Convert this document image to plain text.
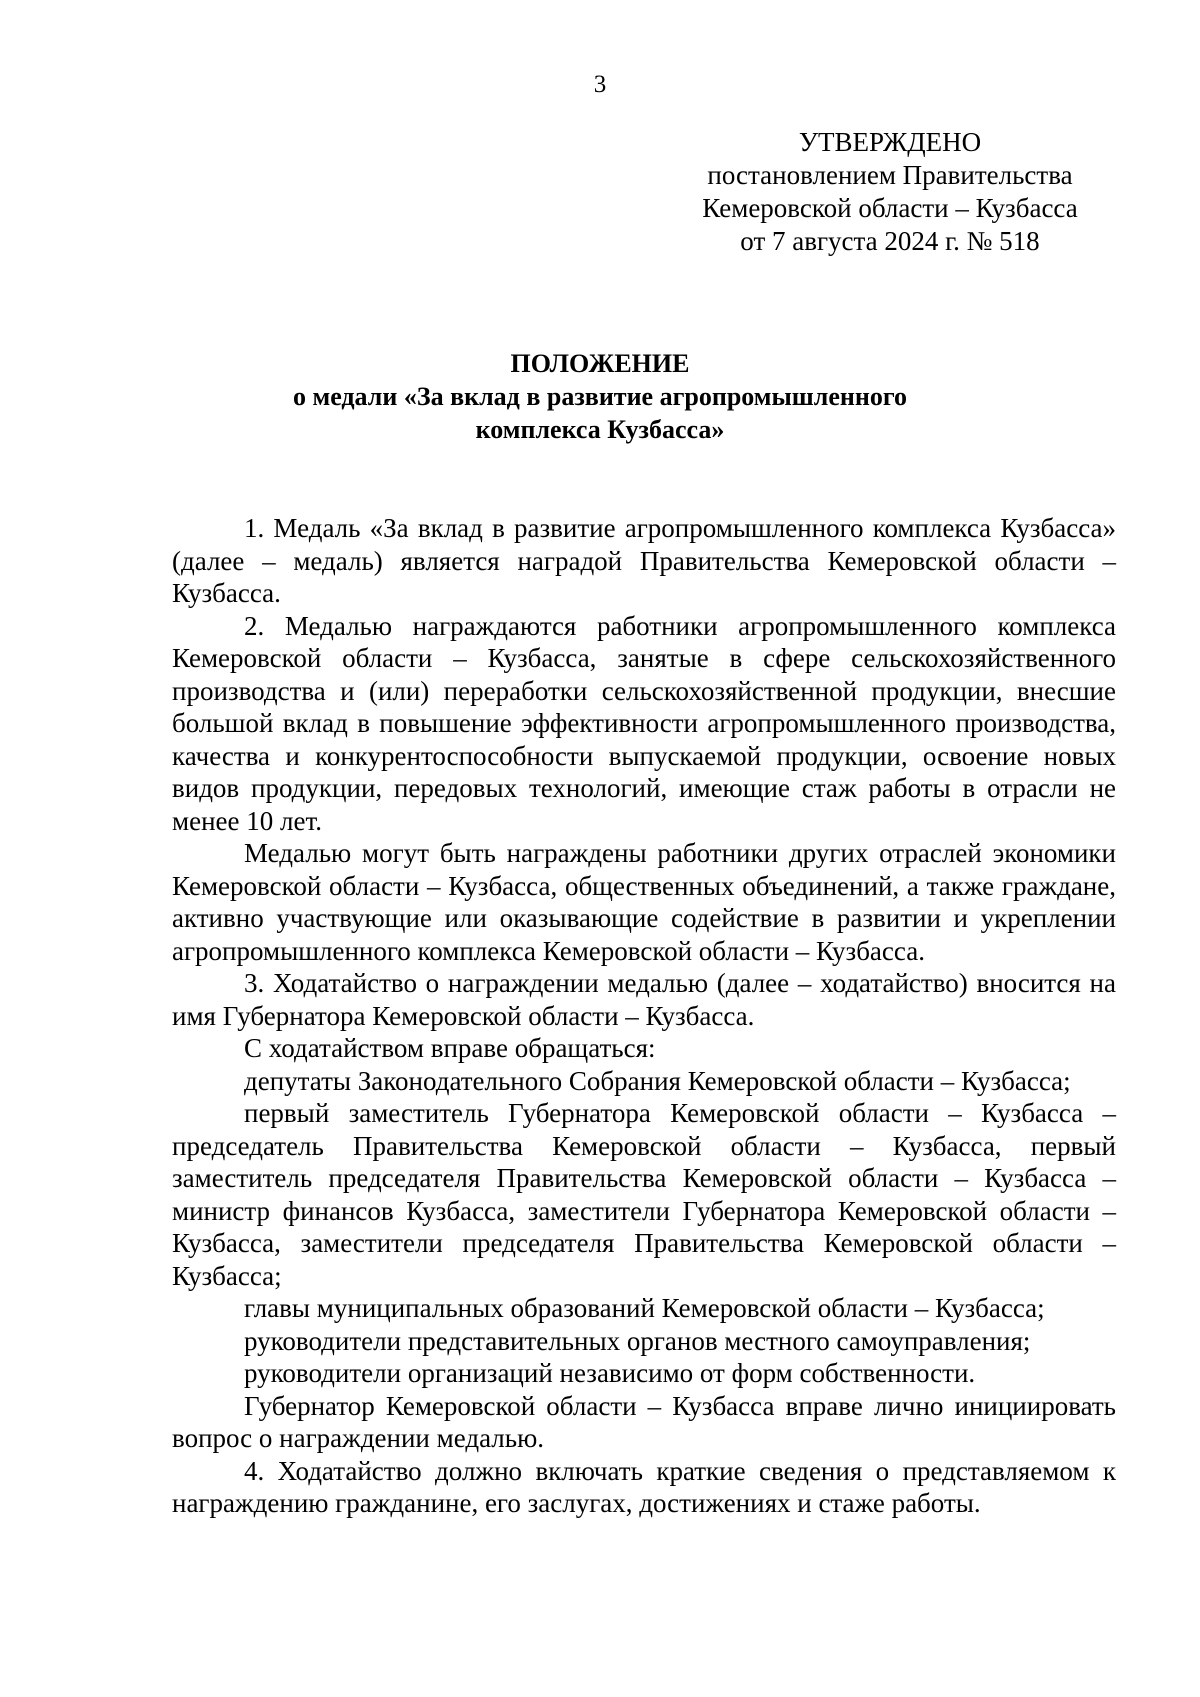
3
УТВЕРЖДЕНО
постановлением Правительства
Кемеровской области – Кузбасса
от 7 августа 2024 г. № 518
ПОЛОЖЕНИЕ
о медали «За вклад в развитие агропромышленного
комплекса Кузбасса»

1. Медаль «За вклад в развитие агропромышленного комплекса Кузбасса» (далее – медаль) является наградой Правительства Кемеровской области – Кузбасса.

2. Медалью награждаются работники агропромышленного комплекса Кемеровской области – Кузбасса, занятые в сфере сельскохозяйственного производства и (или) переработки сельскохозяйственной продукции, внесшие большой вклад в повышение эффективности агропромышленного производства, качества и конкурентоспособности выпускаемой продукции, освоение новых видов продукции, передовых технологий, имеющие стаж работы в отрасли не менее 10 лет.

Медалью могут быть награждены работники других отраслей экономики Кемеровской области – Кузбасса, общественных объединений, а также граждане, активно участвующие или оказывающие содействие в развитии и укреплении агропромышленного комплекса Кемеровской области – Кузбасса.

3. Ходатайство о награждении медалью (далее – ходатайство) вносится на имя Губернатора Кемеровской области – Кузбасса.

С ходатайством вправе обращаться:

депутаты Законодательного Собрания Кемеровской области – Кузбасса;

первый заместитель Губернатора Кемеровской области – Кузбасса – председатель Правительства Кемеровской области – Кузбасса, первый заместитель председателя Правительства Кемеровской области – Кузбасса – министр финансов Кузбасса, заместители Губернатора Кемеровской области – Кузбасса, заместители председателя Правительства Кемеровской области – Кузбасса;

главы муниципальных образований Кемеровской области – Кузбасса;

руководители представительных органов местного самоуправления;

руководители организаций независимо от форм собственности.

Губернатор Кемеровской области – Кузбасса вправе лично инициировать вопрос о награждении медалью.

4. Ходатайство должно включать краткие сведения о представляемом к награждению гражданине, его заслугах, достижениях и стаже работы.
